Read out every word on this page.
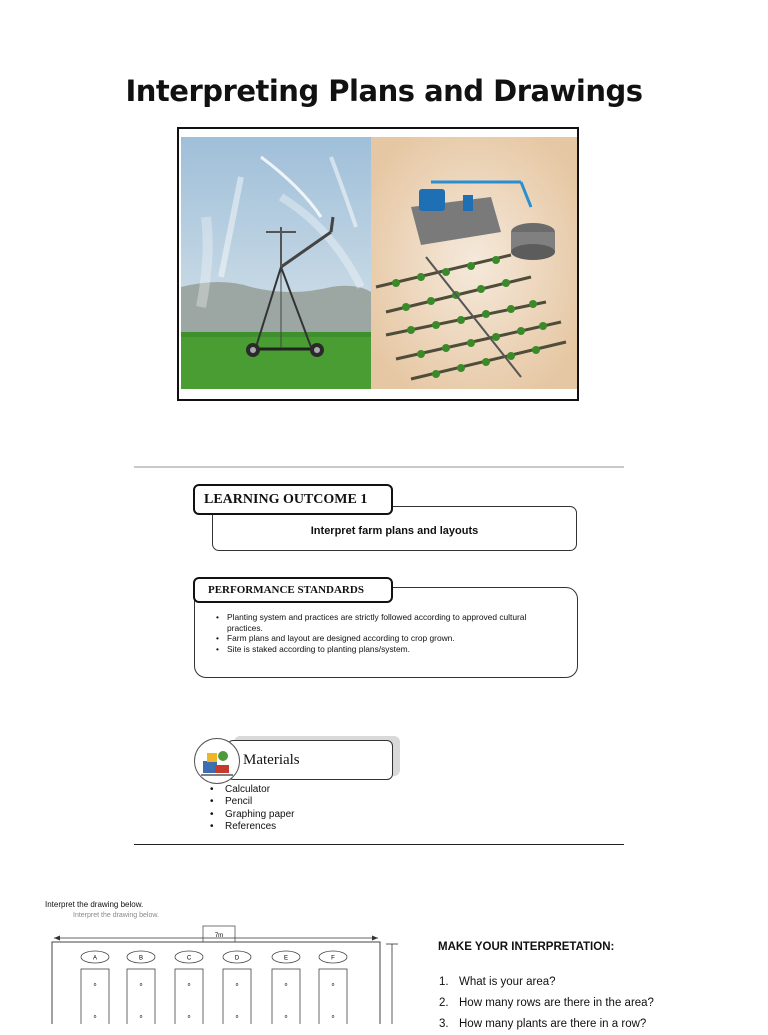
Interpreting Plans and Drawings
Interpret farm plans and layouts
LEARNING OUTCOME 1
PERFORMANCE STANDARDS
• Planting system and practices are strictly followed according to approved cultural practices.
• Farm plans and layout are designed according to crop grown.
• Site is staked according to planting plans/system.
Materials
• Calculator
• Pencil
• Graphing paper
• References
Interpret the drawing below.
Interpret the drawing below.
7m
A
o
o
B
o
o
C
o
o
D
o
o
E
o
o
F
o
o
MAKE YOUR INTERPRETATION:
1. What is your area?
2. How many rows are there in the area?
3. How many plants are there in a row?
